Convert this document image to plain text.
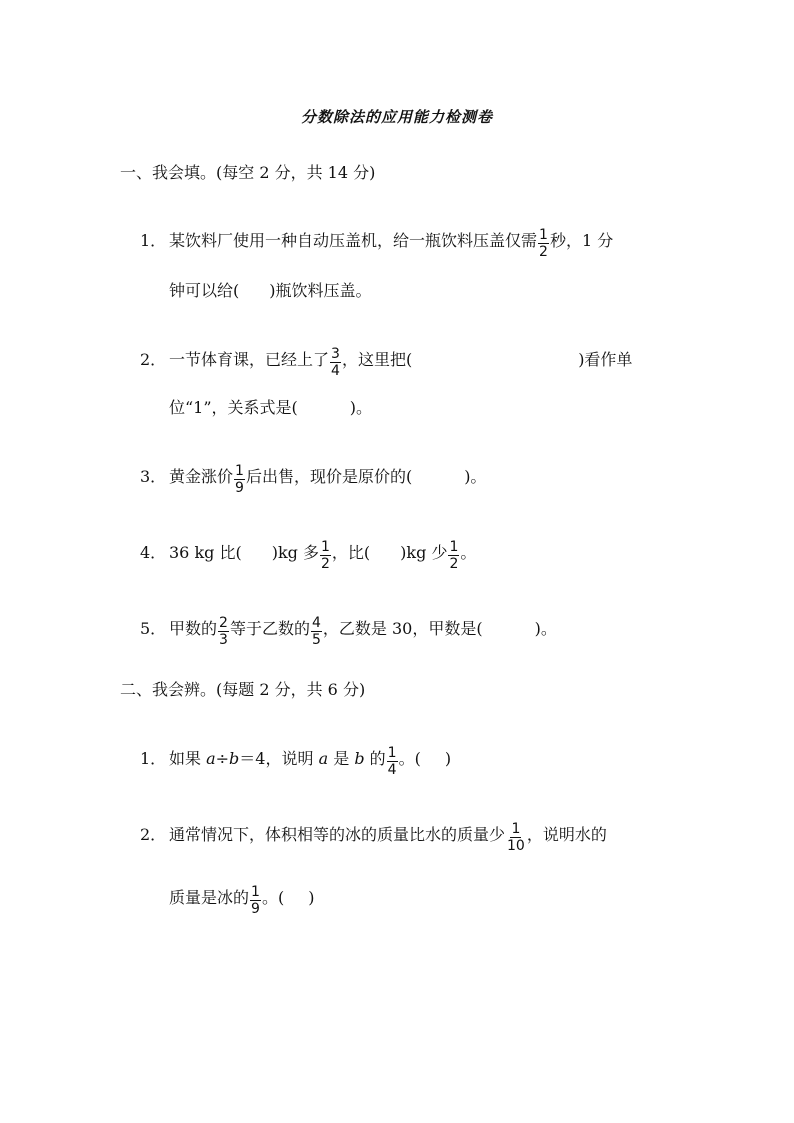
分数除法的应用能力检测卷
一、我会填。(每空 2 分，共 14 分)
1． 某饮料厂使用一种自动压盖机，给一瓶饮料压盖仅需 $\frac{1}{2}$ 秒，1 分
钟可以给( )瓶饮料压盖。
2． 一节体育课，已经上了 $\frac{3}{4}$ ，这里把(	)看作单
位“1”，关系式是(	)。
3． 黄金涨价 $\frac{1}{9}$ 后出售，现价是原价的(	)。
4． 36 kg 比( )kg 多 $\frac{1}{2}$ ，比( )kg 少 $\frac{1}{2}$ 。
5． 甲数的 $\frac{2}{3}$ 等于乙数的 $\frac{4}{5}$ ，乙数是 30，甲数是(	)。
二、我会辨。(每题 2 分，共 6 分)
1． 如果 a÷b＝4，说明 a 是 b 的 $\frac{1}{4}$ 。( )
2． 通常情况下，体积相等的冰的质量比水的质量少 $\frac{1}{10}$ ，说明水的
质量是冰的 $\frac{1}{9}$ 。( )
